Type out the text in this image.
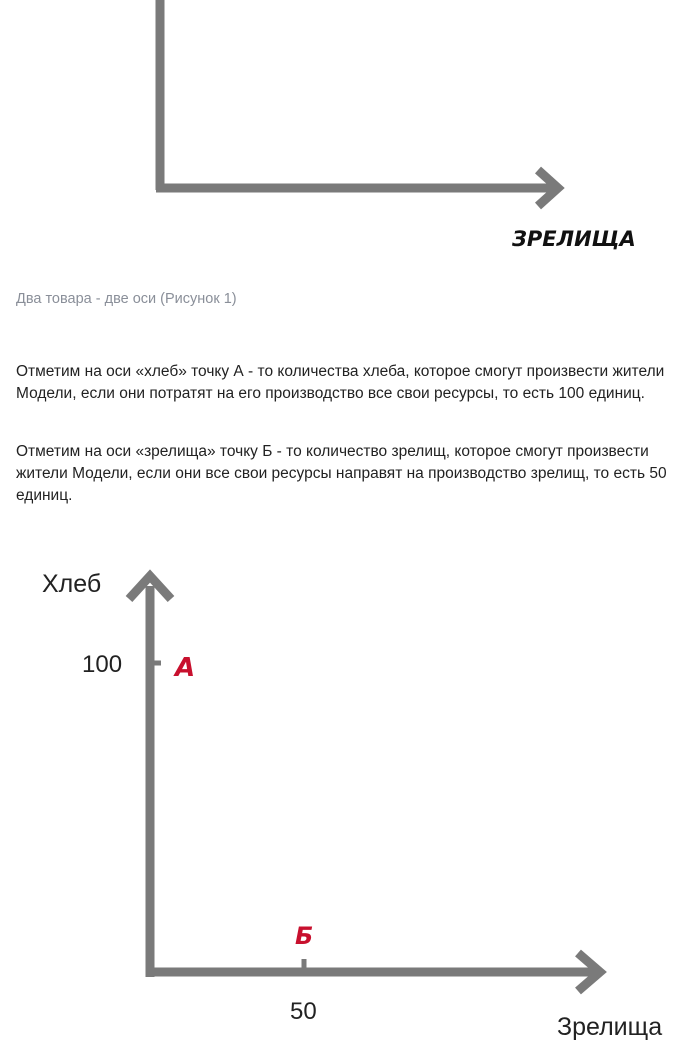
ЗРЕЛИЩА

Два товара - две оси (Рисунок 1)

Отметим на оси «хлеб» точку А - то количества хлеба, которое смогут произвести жители Модели, если они потратят на его производство все свои ресурсы, то есть 100 единиц.

Отметим на оси «зрелища» точку Б - то количество зрелищ, которое смогут произвести жители Модели, если они все свои ресурсы направят на производство зрелищ, то есть 50 единиц.

Хлеб
100 А
Б
50
Зрелища
